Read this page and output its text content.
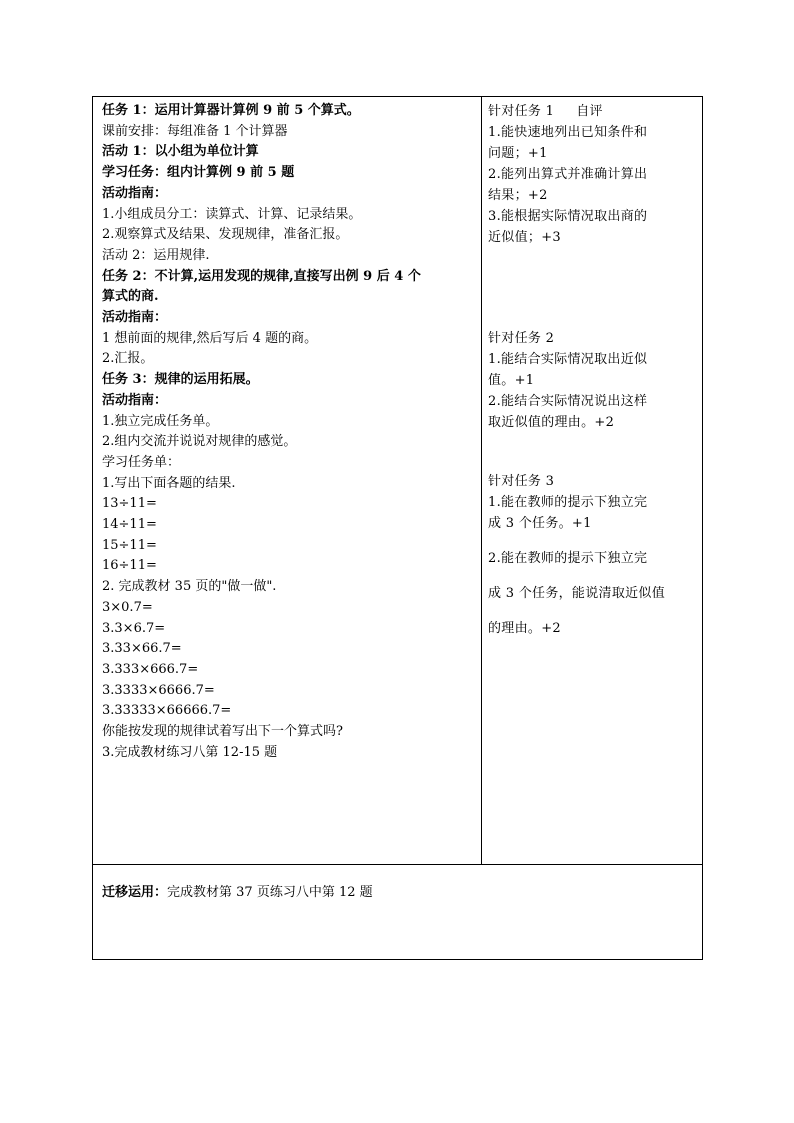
任务 1：运用计算器计算例 9 前 5 个算式。
课前安排：每组准备 1 个计算器
活动 1：以小组为单位计算
学习任务：组内计算例 9 前 5 题
活动指南：
1.小组成员分工：读算式、计算、记录结果。
2.观察算式及结果、发现规律，准备汇报。
活动 2：运用规律.
任务 2：不计算,运用发现的规律,直接写出例 9 后 4 个
算式的商.
活动指南：
1 想前面的规律,然后写后 4 题的商。
2.汇报。
任务 3：规律的运用拓展。
活动指南：
1.独立完成任务单。
2.组内交流并说说对规律的感觉。
学习任务单：
1.写出下面各题的结果.
13÷11=
14÷11=
15÷11=
16÷11=
2. 完成教材 35 页的"做一做".
3×0.7=
3.3×6.7=
3.33×66.7=
3.333×666.7=
3.3333×6666.7=
3.33333×66666.7=
你能按发现的规律试着写出下一个算式吗?
3.完成教材练习八第 12-15 题
针对任务 1 自评
1.能快速地列出已知条件和
问题；+1
2.能列出算式并准确计算出
结果；+2
3.能根据实际情况取出商的
近似值；+3
针对任务 2
1.能结合实际情况取出近似
值。+1
2.能结合实际情况说出这样
取近似值的理由。+2
针对任务 3
1.能在教师的提示下独立完
成 3 个任务。+1
2.能在教师的提示下独立完
成 3 个任务，能说清取近似值
的理由。+2
迁移运用：完成教材第 37 页练习八中第 12 题
